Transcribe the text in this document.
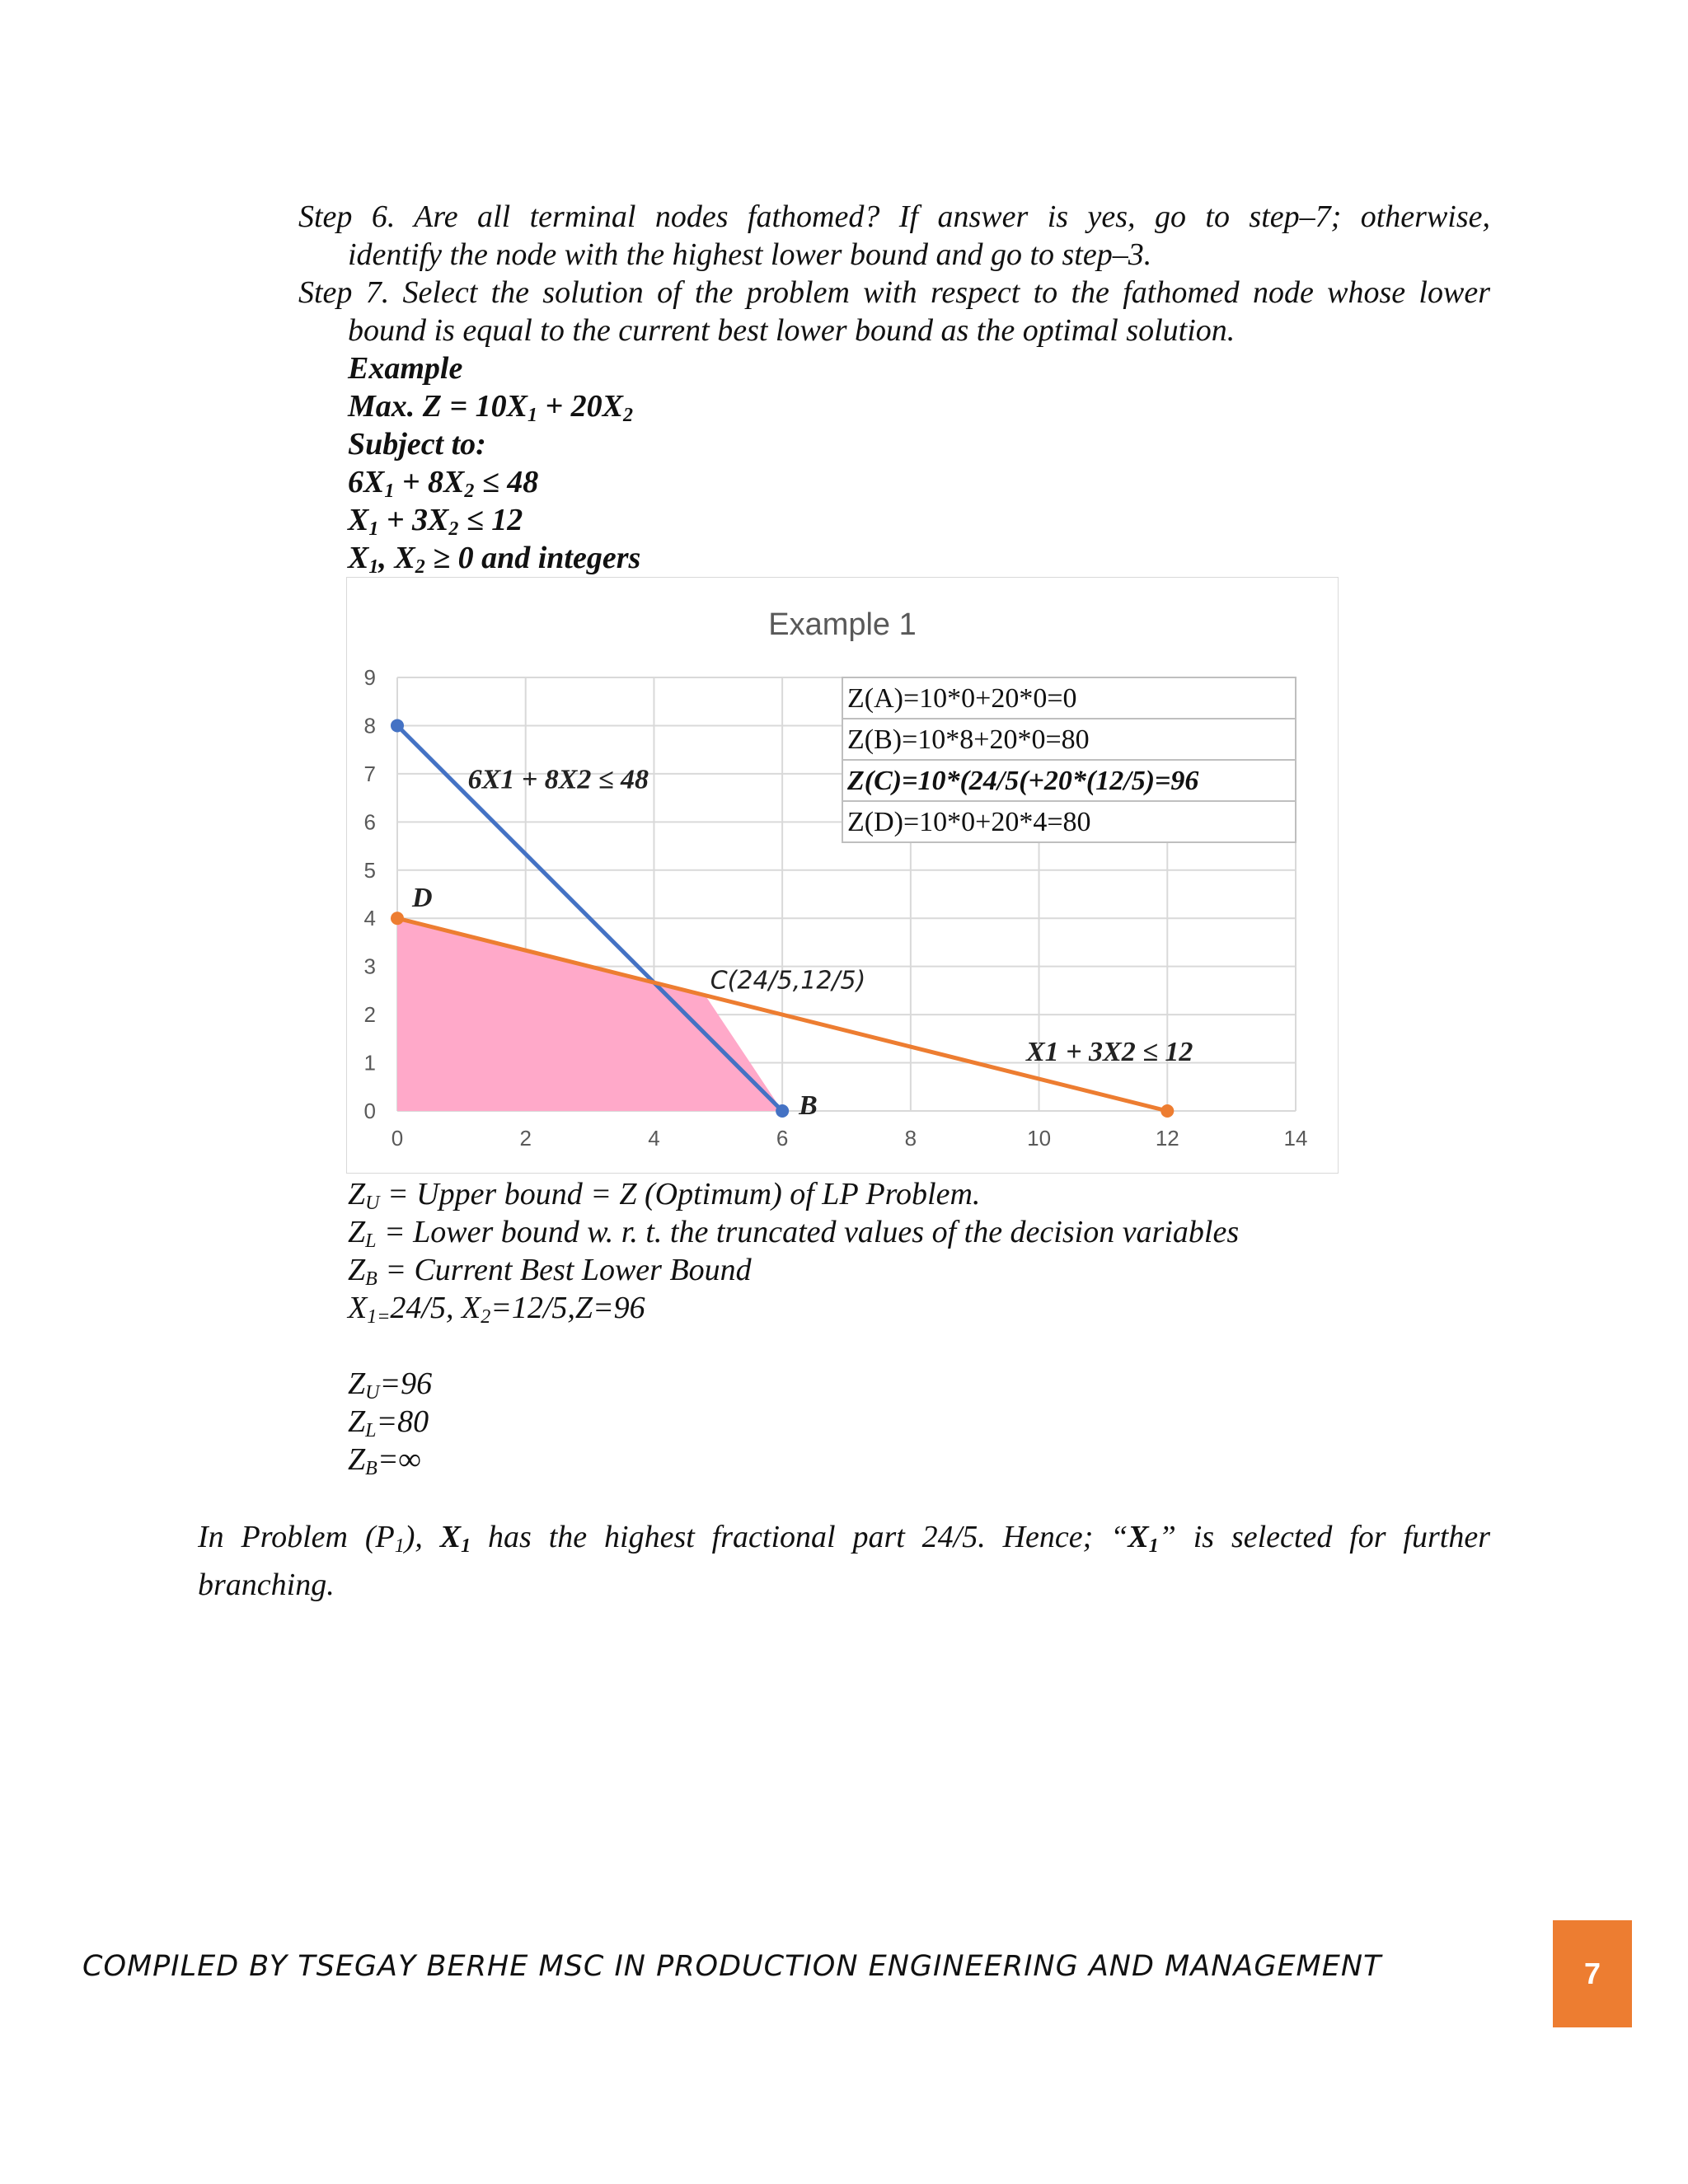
Step 6. Are all terminal nodes fathomed? If answer is yes, go to step–7; otherwise,
identify the node with the highest lower bound and go to step–3.
Step 7. Select the solution of the problem with respect to the fathomed node whose lower
bound is equal to the current best lower bound as the optimal solution.
Example
Max. $Z = 10X_1 + 20X_2$
Subject to:
$6X_1 + 8X_2 \le 48$
$X_1 + 3X_2 \le 12$
$X_1$, $X_2 \ge 0$ and integers
Example 1
0	2	4	6	8	10	12	14
0
1
2
3
4
5
6
7
8
9
6X1 + 8X2 ≤ 48
X1 + 3X2 ≤ 12
D
C(24/5,12/5)
B
Z(A)=10*0+20*0=0
Z(B)=10*8+20*0=80
Z(C)=10*(24/5(+20*(12/5)=96
Z(D)=10*0+20*4=80
$Z_U$ = Upper bound = Z (Optimum) of LP Problem.
$Z_L$ = Lower bound w. r. t. the truncated values of the decision variables
$Z_B$ = Current Best Lower Bound
$X_{1=}24/5$, $X_2=12/5,Z=96$
$Z_U=96$
$Z_L=80$
$Z_B=\infty$
In Problem $(P_1)$, $X_1$ has the highest fractional part 24/5. Hence; “$X_1$” is selected for further
branching.
COMPILED BY TSEGAY BERHE MSC IN PRODUCTION ENGINEERING AND MANAGEMENT	7
